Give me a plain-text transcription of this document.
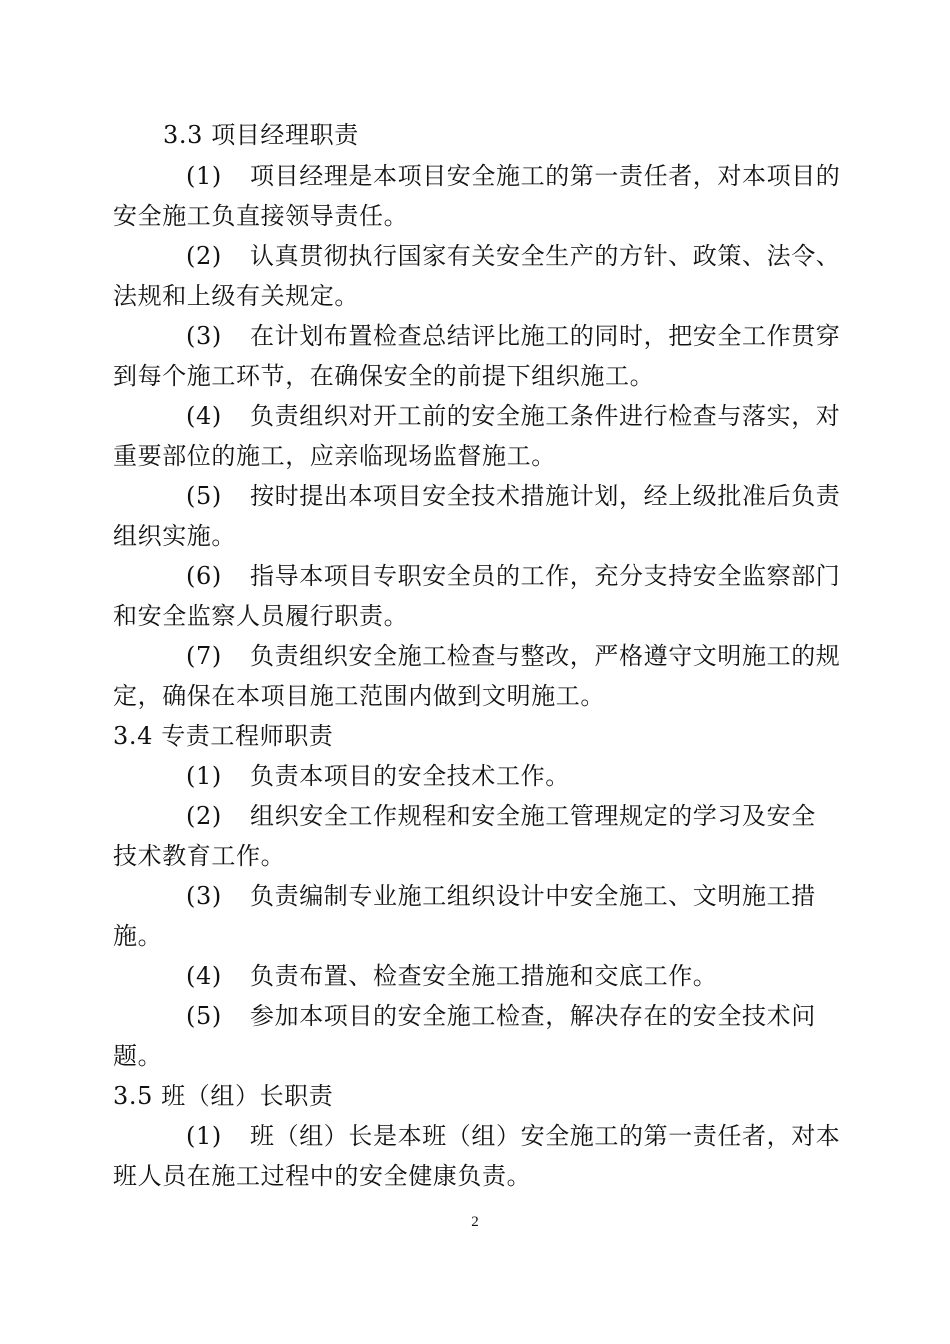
3.3 项目经理职责
(1) 项目经理是本项目安全施工的第一责任者，对本项目的
安全施工负直接领导责任。
(2) 认真贯彻执行国家有关安全生产的方针、政策、法令、
法规和上级有关规定。
(3) 在计划布置检查总结评比施工的同时，把安全工作贯穿
到每个施工环节，在确保安全的前提下组织施工。
(4) 负责组织对开工前的安全施工条件进行检查与落实，对
重要部位的施工，应亲临现场监督施工。
(5) 按时提出本项目安全技术措施计划，经上级批准后负责
组织实施。
(6) 指导本项目专职安全员的工作，充分支持安全监察部门
和安全监察人员履行职责。
(7) 负责组织安全施工检查与整改，严格遵守文明施工的规
定，确保在本项目施工范围内做到文明施工。
3.4 专责工程师职责
(1) 负责本项目的安全技术工作。
(2) 组织安全工作规程和安全施工管理规定的学习及安全
技术教育工作。
(3) 负责编制专业施工组织设计中安全施工、文明施工措
施。
(4) 负责布置、检查安全施工措施和交底工作。
(5) 参加本项目的安全施工检查，解决存在的安全技术问
题。
3.5 班（组）长职责
(1) 班（组）长是本班（组）安全施工的第一责任者，对本
班人员在施工过程中的安全健康负责。
2
